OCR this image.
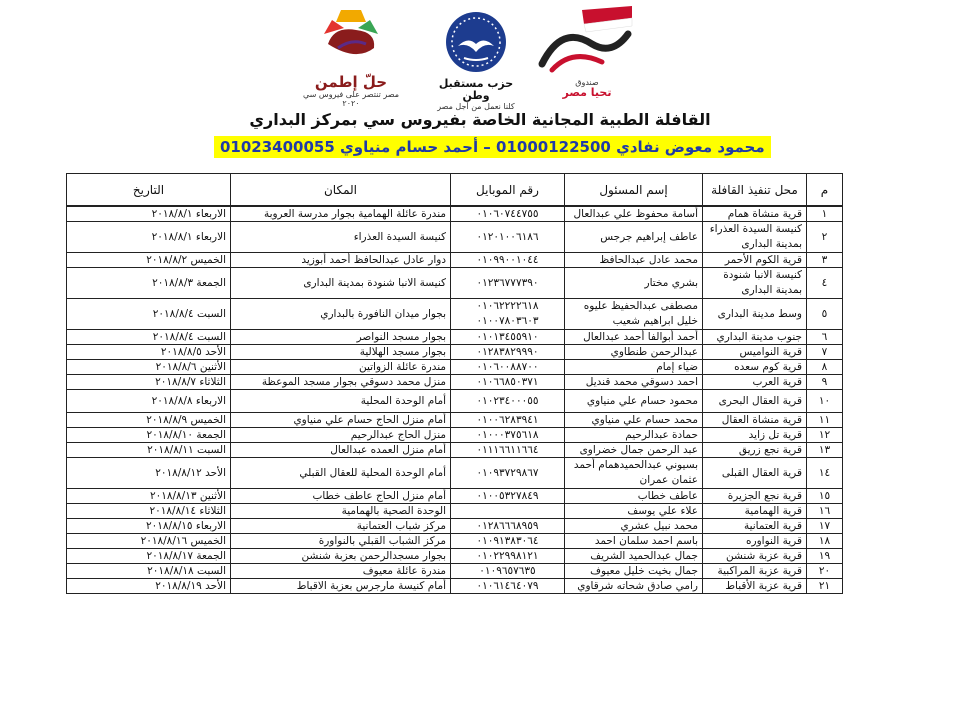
صندوق
تحيا مصر
حزب مستقبل وطن
كلنا نعمل من أجل مصر
حلّ إطمن
مصر تنتصر على فيروس سي ٢٠٢٠
القافلة الطبية المجانية الخاصة بفيروس سي بمركز البداري
محمود معوض نفادي 01000122500 – أحمد حسام منياوي 01023400055
م	محل تنفيذ القافلة	إسم المسئول	رقم الموبايل	المكان	التاريخ
١	قرية منشاة همام	أسامة محفوظ علي عبدالعال	٠١٠٦٠٧٤٤٧٥٥	مندرة عائلة الهمامية بجوار مدرسة العروبة	الاربعاء ٢٠١٨/٨/١
٢	كنيسة السيدة العذراء بمدينة البدارى	عاطف إبراهيم جرجس	٠١٢٠١٠٠٦١٨٦	كنيسة السيدة العذراء	الاربعاء ٢٠١٨/٨/١
٣	قرية الكوم الأحمر	محمد عادل عبدالحافظ	٠١٠٩٩٠٠١٠٤٤	دوار عادل عبدالحافظ أحمد أبوزيد	الخميس ٢٠١٨/٨/٢
٤	كنيسة الانبا شنودة بمدينة البدارى	بشري مختار	٠١٢٣٦٧٧٧٣٩٠	كنيسة الانبا شنودة بمدينة البدارى	الجمعة ٢٠١٨/٨/٣
٥	وسط مدينة البدارى	مصطفى عبدالحفيظ عليوه خليل ابراهيم شعيب	٠١٠٦٢٢٢٢٦١٨ ٠١٠٠٧٨٠٣٦٠٣	بجوار ميدان النافورة بالبداري	السبت ٢٠١٨/٨/٤
٦	جنوب مدينة البداري	أحمد أبوالفا أحمد عبدالعال	٠١٠١٣٤٥٥٩١٠	بجوار مسجد النواصر	السبت ٢٠١٨/٨/٤
٧	قرية النواميس	عبدالرحمن طنطاوي	٠١٢٨٣٨٢٩٩٩٠	بجوار مسجد الهلالية	الأحد ٢٠١٨/٨/٥
٨	قرية كوم سعده	ضياء إمام	٠١٠٦٠٠٨٨٧٠٠	مندرة عائلة الزواتين	الأثنين ٢٠١٨/٨/٦
٩	قرية العرب	احمد دسوقي محمد قنديل	٠١٠٦٦٨٥٠٣٧١	منزل محمد دسوقي بجوار مسجد الموعظة	الثلاثاء ٢٠١٨/٨/٧
١٠	قرية العقال البحرى	محمود حسام علي منياوي	٠١٠٢٣٤٠٠٠٥٥	أمام الوحدة المحلية	الاربعاء ٢٠١٨/٨/٨
١١	قرية منشاة العقال	محمد حسام علي منياوي	٠١٠٠٦٢٨٣٩٤١	أمام منزل الحاج حسام علي منياوي	الخميس ٢٠١٨/٨/٩
١٢	قرية تل زايد	حمادة عبدالرحيم	٠١٠٠٠٣٧٥٦١٨	منزل الحاج عبدالرحيم	الجمعة ٢٠١٨/٨/١٠
١٣	قرية نجع زريق	عبد الرحمن جمال خضراوى	٠١١١٦٦١١٦٦٤	أمام منزل العمده عبدالعال	السبت ٢٠١٨/٨/١١
١٤	قرية العقال القبلى	بسيوني عبدالحميدهمام أحمد عثمان عمران	٠١٠٩٣٧٢٩٨٦٧	أمام الوحدة المحلية للعقال القبلي	الأحد ٢٠١٨/٨/١٢
١٥	قرية نجع الجزيرة	عاطف خطاب	٠١٠٠٥٣٢٧٨٤٩	أمام منزل الحاج عاطف خطاب	الأثنين ٢٠١٨/٨/١٣
١٦	قرية الهمامية	علاء علي يوسف		الوحدة الصحية بالهمامية	الثلاثاء ٢٠١٨/٨/١٤
١٧	قرية العتمانية	محمد نبيل عشري	٠١٢٨٦٦٦٨٩٥٩	مركز شباب العتمانية	الاربعاء ٢٠١٨/٨/١٥
١٨	قرية النواوره	باسم احمد سلمان احمد	٠١٠٩١٣٨٣٠٦٤	مركز الشباب القبلي بالنواورة	الخميس ٢٠١٨/٨/١٦
١٩	قرية عزبة شنشن	جمال عبدالحميد الشريف	٠١٠٢٢٩٩٨١٢١	بجوار مسجدالرحمن بعزبة شنشن	الجمعة ٢٠١٨/٨/١٧
٢٠	قرية عزبة المراكبية	جمال بخيت خليل معيوف	٠١٠٩٦٥٧٦٣٥	مندرة عائلة معيوف	السبت ٢٠١٨/٨/١٨
٢١	قرية عزبة الأقباط	رامي صادق شحاته شرقاوي	٠١٠٦١٤٦٤٠٧٩	أمام كنيسة مارجرس بعزبة الاقباط	الأحد ٢٠١٨/٨/١٩
